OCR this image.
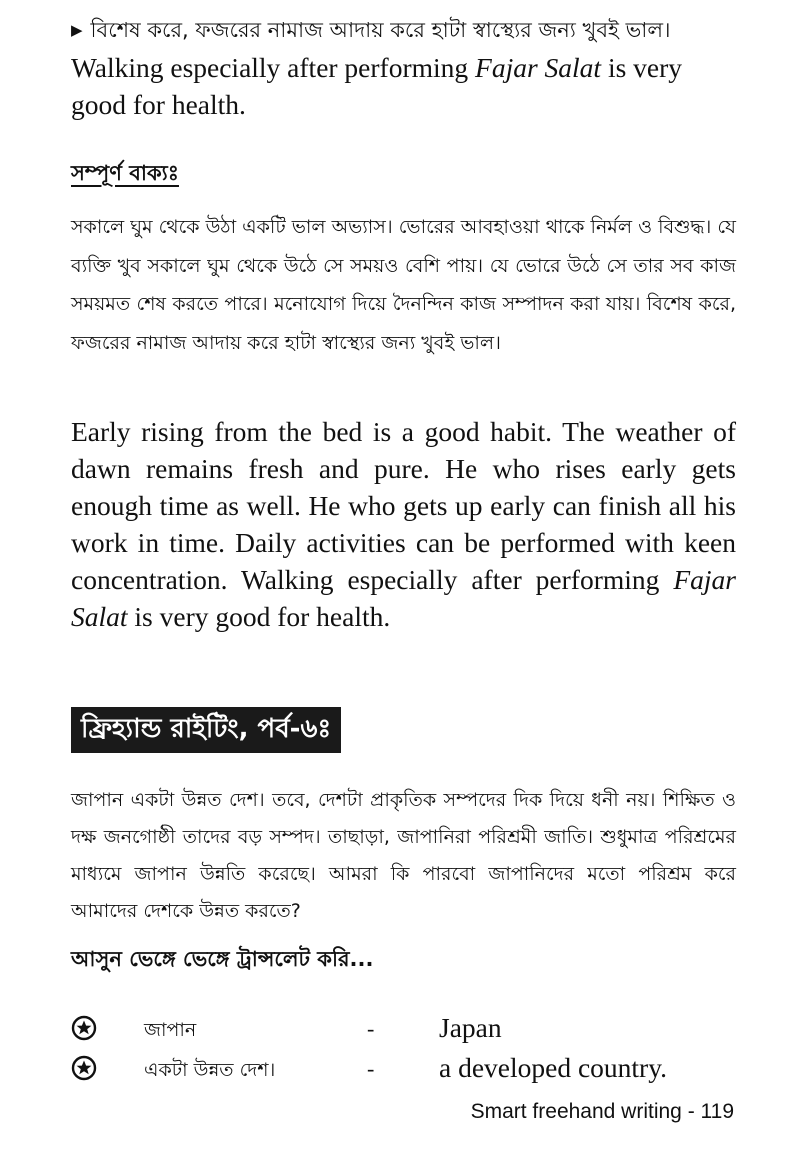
▶ বিশেষ করে, ফজরের নামাজ আদায় করে হাটা স্বাস্থ্যের জন্য খুবই ভাল।
Walking especially after performing Fajar Salat is very good for health.
সম্পূর্ণ বাক্যঃ
সকালে ঘুম থেকে উঠা একটি ভাল অভ্যাস। ভোরের আবহাওয়া থাকে নির্মল ও বিশুদ্ধ। যে ব্যক্তি খুব সকালে ঘুম থেকে উঠে সে সময়ও বেশি পায়। যে ভোরে উঠে সে তার সব কাজ সময়মত শেষ করতে পারে। মনোযোগ দিয়ে দৈনন্দিন কাজ সম্পাদন করা যায়। বিশেষ করে, ফজরের নামাজ আদায় করে হাটা স্বাস্থ্যের জন্য খুবই ভাল।
Early rising from the bed is a good habit. The weather of dawn remains fresh and pure. He who rises early gets enough time as well. He who gets up early can finish all his work in time. Daily activities can be performed with keen concentration. Walking especially after performing Fajar Salat is very good for health.
ফ্রিহ্যান্ড রাইটিং, পর্ব-৬ঃ
জাপান একটা উন্নত দেশ। তবে, দেশটা প্রাকৃতিক সম্পদের দিক দিয়ে ধনী নয়। শিক্ষিত ও দক্ষ জনগোষ্ঠী তাদের বড় সম্পদ। তাছাড়া, জাপানিরা পরিশ্রমী জাতি। শুধুমাত্র পরিশ্রমের মাধ্যমে জাপান উন্নতি করেছে। আমরা কি পারবো জাপানিদের মতো পরিশ্রম করে আমাদের দেশকে উন্নত করতে?
আসুন ভেঙ্গে ভেঙ্গে ট্রান্সলেট করি...
জাপান	- Japan
একটা উন্নত দেশ।	- a developed country.
Smart freehand writing - 119
